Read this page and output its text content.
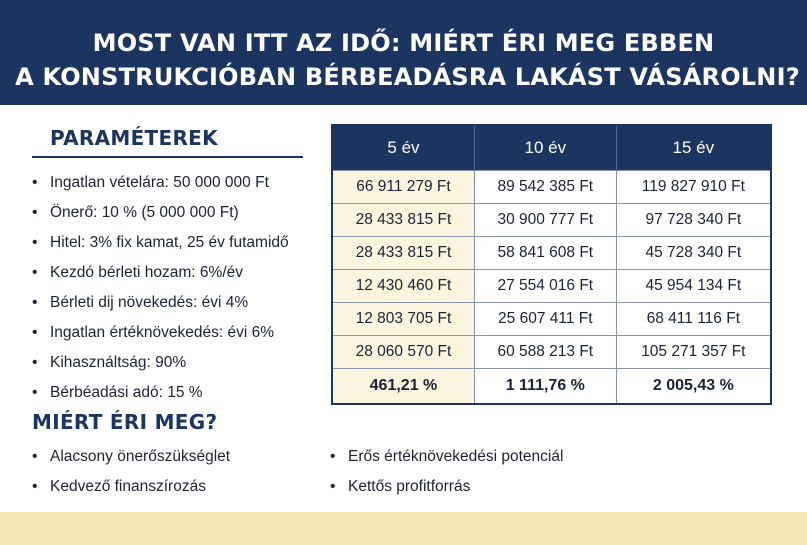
MOST VAN ITT AZ IDŐ: MIÉRT ÉRI MEG EBBEN
A KONSTRUKCIÓBAN BÉRBEADÁSRA LAKÁST VÁSÁROLNI?
PARAMÉTEREK
• Ingatlan vételára: 50 000 000 Ft
• Önerő: 10 % (5 000 000 Ft)
• Hitel: 3% fix kamat, 25 év futamidő
• Kezdó bérleti hozam: 6%/év
• Bérleti dij növekedés: évi 4%
• Ingatlan értéknövekedés: évi 6%
• Kihasználtság: 90%
• Bérbéadási adó: 15 %
5 év	10 év	15 év
66 911 279 Ft	89 542 385 Ft	119 827 910 Ft
28 433 815 Ft	30 900 777 Ft	97 728 340 Ft
28 433 815 Ft	58 841 608 Ft	45 728 340 Ft
12 430 460 Ft	27 554 016 Ft	45 954 134 Ft
12 803 705 Ft	25 607 411 Ft	68 411 116 Ft
28 060 570 Ft	60 588 213 Ft	105 271 357 Ft
461,21 %	1 111,76 %	2 005,43 %
MIÉRT ÉRI MEG?
• Alacsony önerőszükséglet
• Kedvező finanszírozás
• Erős értéknövekedési potenciál
• Kettős profitforrás
